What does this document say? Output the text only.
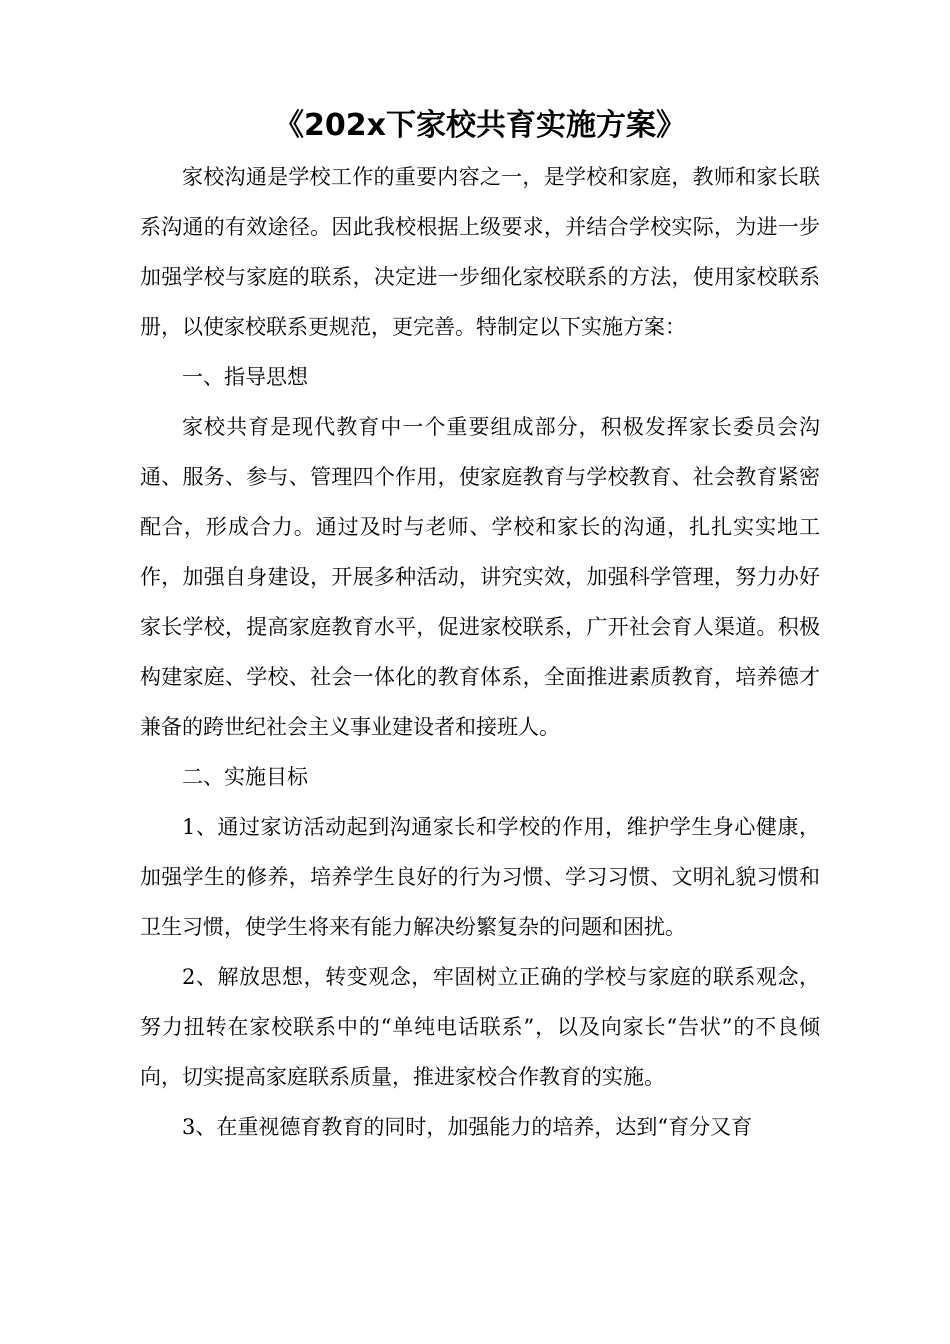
《202x下家校共育实施方案》

家校沟通是学校工作的重要内容之一，是学校和家庭，教师和家长联系沟通的有效途径。因此我校根据上级要求，并结合学校实际，为进一步加强学校与家庭的联系，决定进一步细化家校联系的方法，使用家校联系册，以使家校联系更规范，更完善。特制定以下实施方案：

一、指导思想

家校共育是现代教育中一个重要组成部分，积极发挥家长委员会沟通、服务、参与、管理四个作用，使家庭教育与学校教育、社会教育紧密配合，形成合力。通过及时与老师、学校和家长的沟通，扎扎实实地工作，加强自身建设，开展多种活动，讲究实效，加强科学管理，努力办好家长学校，提高家庭教育水平，促进家校联系，广开社会育人渠道。积极构建家庭、学校、社会一体化的教育体系，全面推进素质教育，培养德才兼备的跨世纪社会主义事业建设者和接班人。

二、实施目标

1、通过家访活动起到沟通家长和学校的作用，维护学生身心健康，加强学生的修养，培养学生良好的行为习惯、学习习惯、文明礼貌习惯和卫生习惯，使学生将来有能力解决纷繁复杂的问题和困扰。

2、解放思想，转变观念，牢固树立正确的学校与家庭的联系观念，努力扭转在家校联系中的“单纯电话联系”，以及向家长“告状”的不良倾向，切实提高家庭联系质量，推进家校合作教育的实施。

3、在重视德育教育的同时，加强能力的培养，达到“育分又育
